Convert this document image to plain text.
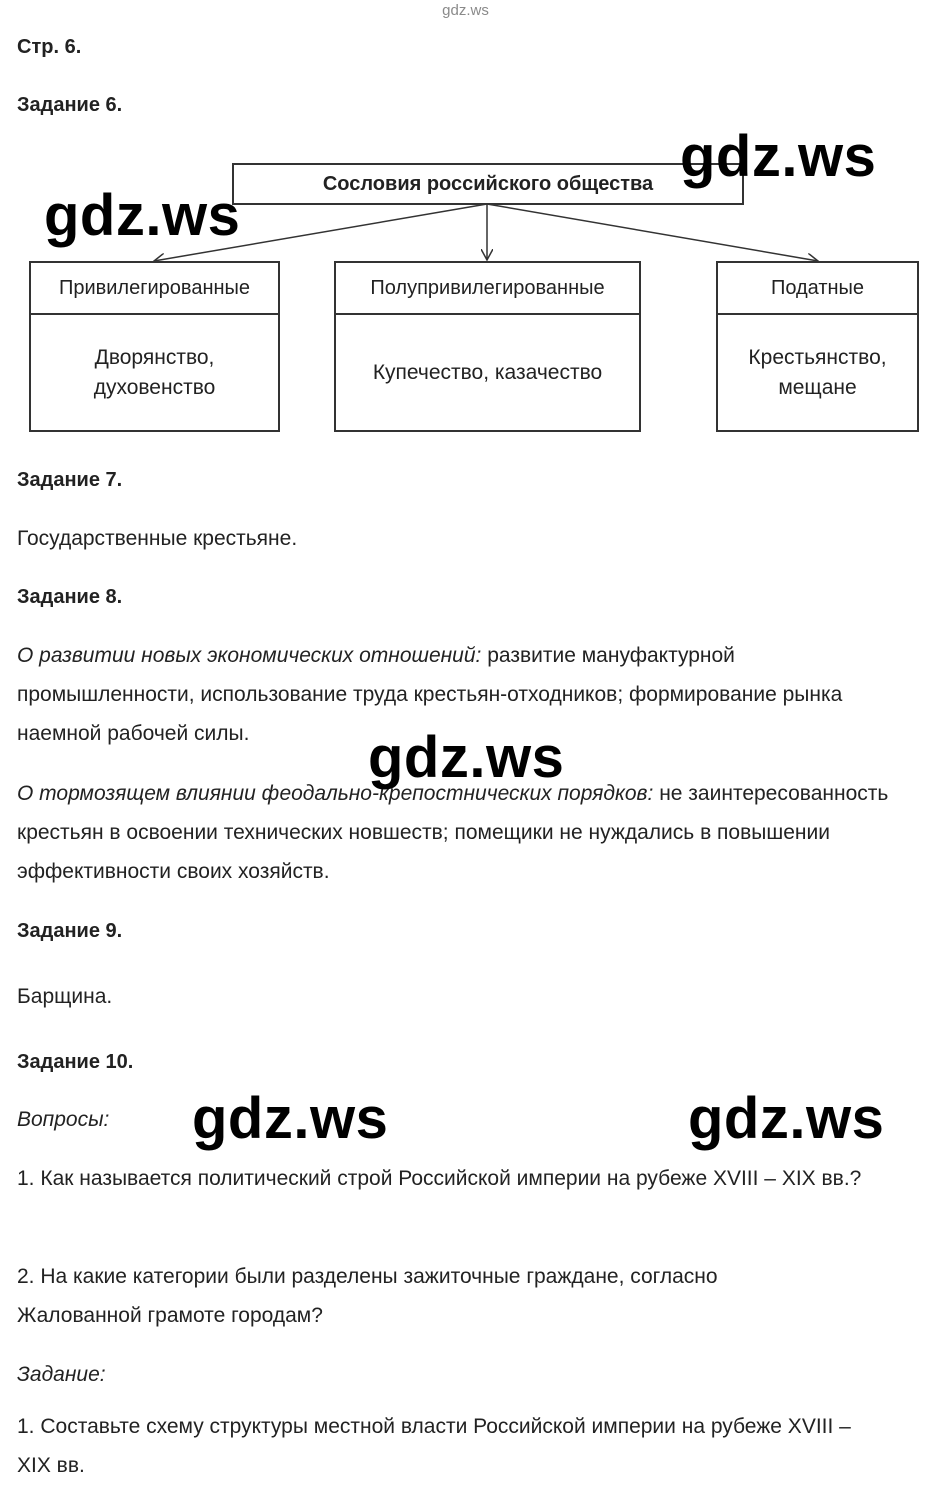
gdz.ws
Стр. 6.
Задание 6.
Сословия российского общества
Привилегированные
Дворянство, духовенство
Полупривилегированные
Купечество, казачество
Податные
Крестьянство, мещане
gdz.ws
gdz.ws
Задание 7.
Государственные крестьяне.
Задание 8.
О развитии новых экономических отношений: развитие мануфактурной промышленности, использование труда крестьян-отходников; формирование рынка наемной рабочей силы.
О тормозящем влиянии феодально-крепостнических порядков: не заинтересованность крестьян в освоении технических новшеств; помещики не нуждались в повышении эффективности своих хозяйств.
gdz.ws
Задание 9.
Барщина.
Задание 10.
Вопросы: gdz.ws	gdz.ws
1. Как называется политический строй Российской империи на рубеже XVIII – XIX вв.?
2. На какие категории были разделены зажиточные граждане, согласно Жалованной грамоте городам?
Задание:
1. Составьте схему структуры местной власти Российской империи на рубеже XVIII – XIX вв.
